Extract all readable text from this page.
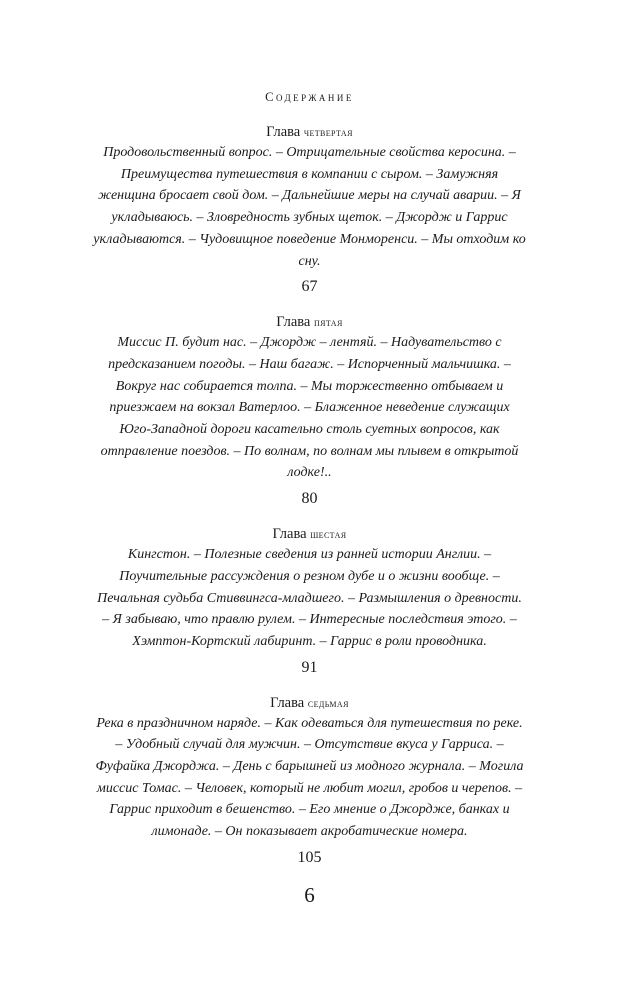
Содержание

Глава четвертая

Продовольственный вопрос. – Отрицательные свойства керосина. – Преимущества путешествия в компании с сыром. – Замужняя женщина бросает свой дом. – Дальнейшие меры на случай аварии. – Я укладываюсь. – Зловредность зубных щеток. – Джордж и Гаррис укладываются. – Чудовищное поведение Монморенси. – Мы отходим ко сну.

67

Глава пятая

Миссис П. будит нас. – Джордж – лентяй. – Надувательство с предсказанием погоды. – Наш багаж. – Испорченный мальчишка. – Вокруг нас собирается толпа. – Мы торжественно отбываем и приезжаем на вокзал Ватерлоо. – Блаженное неведение служащих Юго-Западной дороги касательно столь суетных вопросов, как отправление поездов. – По волнам, по волнам мы плывем в открытой лодке!..

80

Глава шестая

Кингстон. – Полезные сведения из ранней истории Англии. – Поучительные рассуждения о резном дубе и о жизни вообще. – Печальная судьба Стиввингса-младшего. – Размышления о древности. – Я забываю, что правлю рулем. – Интересные последствия этого. – Хэмптон-Кортский лабиринт. – Гаррис в роли проводника.

91

Глава седьмая

Река в праздничном наряде. – Как одеваться для путешествия по реке. – Удобный случай для мужчин. – Отсутствие вкуса у Гарриса. – Фуфайка Джорджа. – День с барышней из модного журнала. – Могила миссис Томас. – Человек, который не любит могил, гробов и черепов. – Гаррис приходит в бешенство. – Его мнение о Джордже, банках и лимонаде. – Он показывает акробатические номера.

105
6
